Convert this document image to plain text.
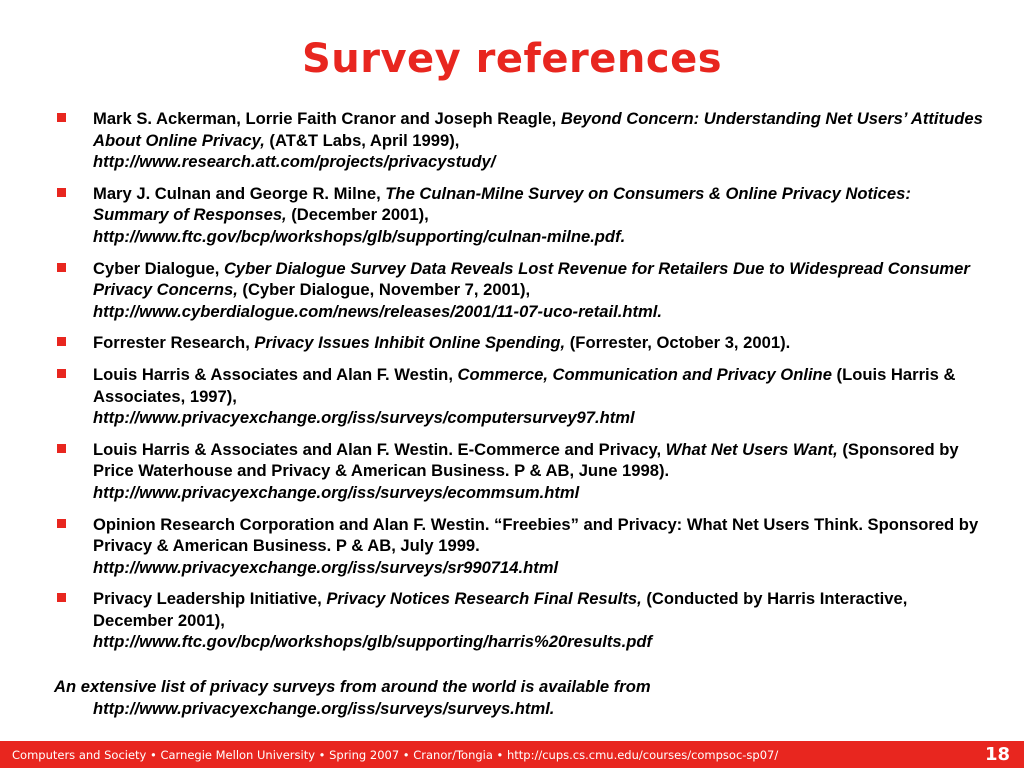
Survey references
Mark S. Ackerman, Lorrie Faith Cranor and Joseph Reagle, Beyond Concern: Understanding Net Users’ Attitudes About Online Privacy, (AT&T Labs, April 1999),
http://www.research.att.com/projects/privacystudy/
Mary J. Culnan and George R. Milne, The Culnan-Milne Survey on Consumers & Online Privacy Notices: Summary of Responses, (December 2001),
http://www.ftc.gov/bcp/workshops/glb/supporting/culnan-milne.pdf.
Cyber Dialogue, Cyber Dialogue Survey Data Reveals Lost Revenue for Retailers Due to Widespread Consumer Privacy Concerns, (Cyber Dialogue, November 7, 2001),
http://www.cyberdialogue.com/news/releases/2001/11-07-uco-retail.html.
Forrester Research, Privacy Issues Inhibit Online Spending, (Forrester, October 3, 2001).
Louis Harris & Associates and Alan F. Westin, Commerce, Communication and Privacy Online (Louis Harris & Associates, 1997),
http://www.privacyexchange.org/iss/surveys/computersurvey97.html
Louis Harris & Associates and Alan F. Westin. E-Commerce and Privacy, What Net Users Want, (Sponsored by Price Waterhouse and Privacy & American Business. P & AB, June 1998). http://www.privacyexchange.org/iss/surveys/ecommsum.html
Opinion Research Corporation and Alan F. Westin. “Freebies” and Privacy: What Net Users Think. Sponsored by Privacy & American Business. P & AB, July 1999.
http://www.privacyexchange.org/iss/surveys/sr990714.html
Privacy Leadership Initiative, Privacy Notices Research Final Results, (Conducted by Harris Interactive, December 2001),
http://www.ftc.gov/bcp/workshops/glb/supporting/harris%20results.pdf
An extensive list of privacy surveys from around the world is available from
http://www.privacyexchange.org/iss/surveys/surveys.html.
Computers and Society • Carnegie Mellon University • Spring 2007 • Cranor/Tongia • http://cups.cs.cmu.edu/courses/compsoc-sp07/	18
